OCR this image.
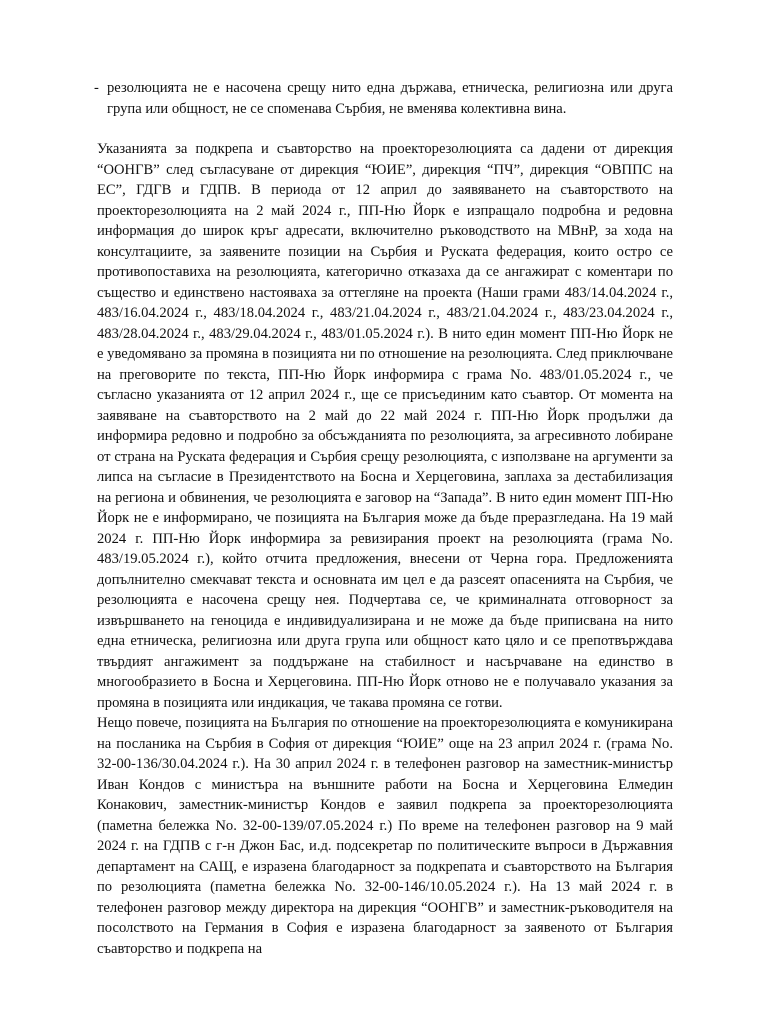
- резолюцията не е насочена срещу нито една държава, етническа, религиозна или друга група или общност, не се споменава Сърбия, не вменява колективна вина.

Указанията за подкрепа и съавторство на проекторезолюцията са дадени от дирекция “ООНГВ” след съгласуване от дирекция “ЮИЕ”, дирекция “ПЧ”, дирекция “ОВППС на ЕС”, ГДГВ и ГДПВ. В периода от 12 април до заявяването на съавторството на проекторезолюцията на 2 май 2024 г., ПП-Ню Йорк е изпращало подробна и редовна информация до широк кръг адресати, включително ръководството на МВнР, за хода на консултациите, за заявените позиции на Сърбия и Руската федерация, които остро се противопоставиха на резолюцията, категорично отказаха да се ангажират с коментари по същество и единствено настояваха за оттегляне на проекта (Наши грами 483/14.04.2024 г., 483/16.04.2024 г., 483/18.04.2024 г., 483/21.04.2024 г., 483/21.04.2024 г., 483/23.04.2024 г., 483/28.04.2024 г., 483/29.04.2024 г., 483/01.05.2024 г.). В нито един момент ПП-Ню Йорк не е уведомявано за промяна в позицията ни по отношение на резолюцията. След приключване на преговорите по текста, ПП-Ню Йорк информира с грама No. 483/01.05.2024 г., че съгласно указанията от 12 април 2024 г., ще се присъединим като съавтор. От момента на заявяване на съавторството на 2 май до 22 май 2024 г. ПП-Ню Йорк продължи да информира редовно и подробно за обсъжданията по резолюцията, за агресивното лобиране от страна на Руската федерация и Сърбия срещу резолюцията, с използване на аргументи за липса на съгласие в Президентството на Босна и Херцеговина, заплаха за дестабилизация на региона и обвинения, че резолюцията е заговор на “Запада”. В нито един момент ПП-Ню Йорк не е информирано, че позицията на България може да бъде преразгледана. На 19 май 2024 г. ПП-Ню Йорк информира за ревизирания проект на резолюцията (грама No. 483/19.05.2024 г.), който отчита предложения, внесени от Черна гора. Предложенията допълнително смекчават текста и основната им цел е да разсеят опасенията на Сърбия, че резолюцията е насочена срещу нея. Подчертава се, че криминалната отговорност за извършването на геноцида е индивидуализирана и не може да бъде приписвана на нито една етническа, религиозна или друга група или общност като цяло и се препотвърждава твърдият ангажимент за поддържане на стабилност и насърчаване на единство в многообразието в Босна и Херцеговина. ПП-Ню Йорк отново не е получавало указания за промяна в позицията или индикация, че такава промяна се готви.

Нещо повече, позицията на България по отношение на проекторезолюцията е комуникирана на посланика на Сърбия в София от дирекция “ЮИЕ” още на 23 април 2024 г. (грама No. 32-00-136/30.04.2024 г.). На 30 април 2024 г. в телефонен разговор на заместник-министър Иван Кондов с министъра на външните работи на Босна и Херцеговина Елмедин Конакович, заместник-министър Кондов е заявил подкрепа за проекторезолюцията (паметна бележка No. 32-00-139/07.05.2024 г.) По време на телефонен разговор на 9 май 2024 г. на ГДПВ с г-н Джон Бас, и.д. подсекретар по политическите въпроси в Държавния департамент на САЩ, е изразена благодарност за подкрепата и съавторството на България по резолюцията (паметна бележка No. 32-00-146/10.05.2024 г.). На 13 май 2024 г. в телефонен разговор между директора на дирекция “ООНГВ” и заместник-ръководителя на посолството на Германия в София е изразена благодарност за заявеното от България съавторство и подкрепа на
